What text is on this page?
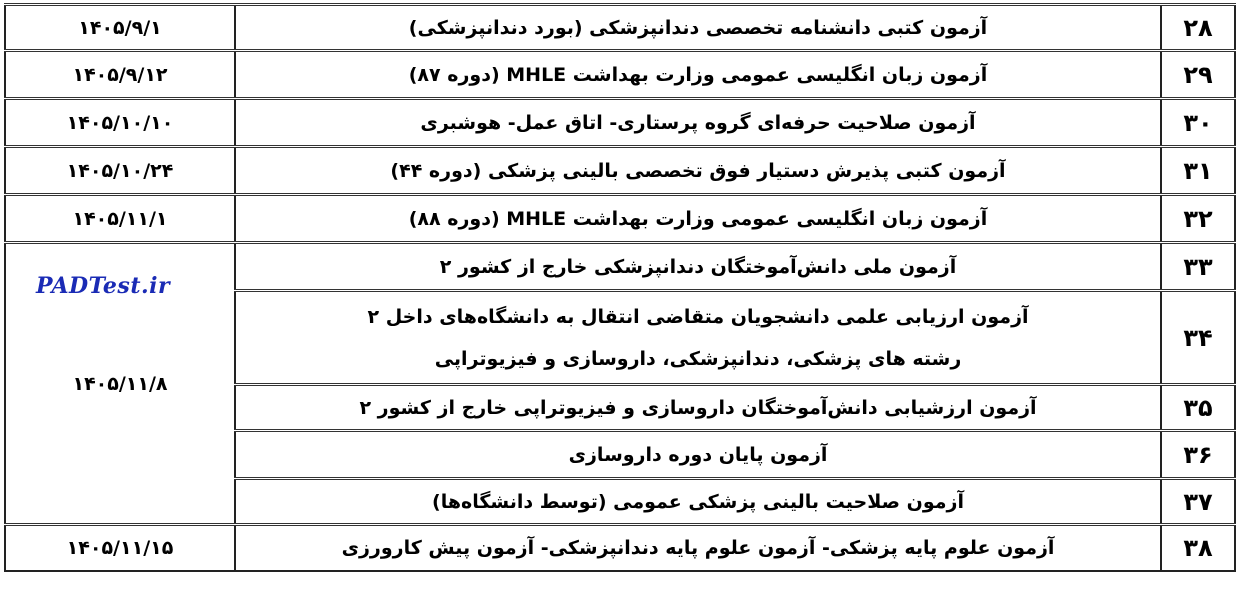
۲۸	آزمون کتبی دانشنامه تخصصی دندانپزشکی (بورد دندانپزشکی)	۱۴۰۵/۹/۱
۲۹	آزمون زبان انگلیسی عمومی وزارت بهداشت MHLE (دوره ۸۷)	۱۴۰۵/۹/۱۲
۳۰	آزمون صلاحیت حرفه‌ای گروه پرستاری- اتاق عمل- هوشبری	۱۴۰۵/۱۰/۱۰
۳۱	آزمون کتبی پذیرش دستیار فوق تخصصی بالینی پزشکی (دوره ۴۴)	۱۴۰۵/۱۰/۲۴
۳۲	آزمون زبان انگلیسی عمومی وزارت بهداشت MHLE (دوره ۸۸)	۱۴۰۵/۱۱/۱
۳۳	آزمون ملی دانش‌آموختگان دندانپزشکی خارج از کشور ۲	۱۴۰۵/۱۱/۸
۳۴	آزمون ارزیابی علمی دانشجویان متقاضی انتقال به دانشگاه‌های داخل ۲
رشته های پزشکی، دندانپزشکی، داروسازی و فیزیوتراپی	

۳۵	آزمون ارزشیابی دانش‌آموختگان داروسازی و فیزیوتراپی خارج از کشور ۲	
۳۶	آزمون پایان دوره داروسازی	
۳۷	آزمون صلاحیت بالینی پزشکی عمومی (توسط دانشگاه‌ها)	
۳۸	آزمون علوم پایه پزشکی- آزمون علوم پایه دندانپزشکی- آزمون پیش کارورزی	۱۴۰۵/۱۱/۱۵
PADTest.ir
